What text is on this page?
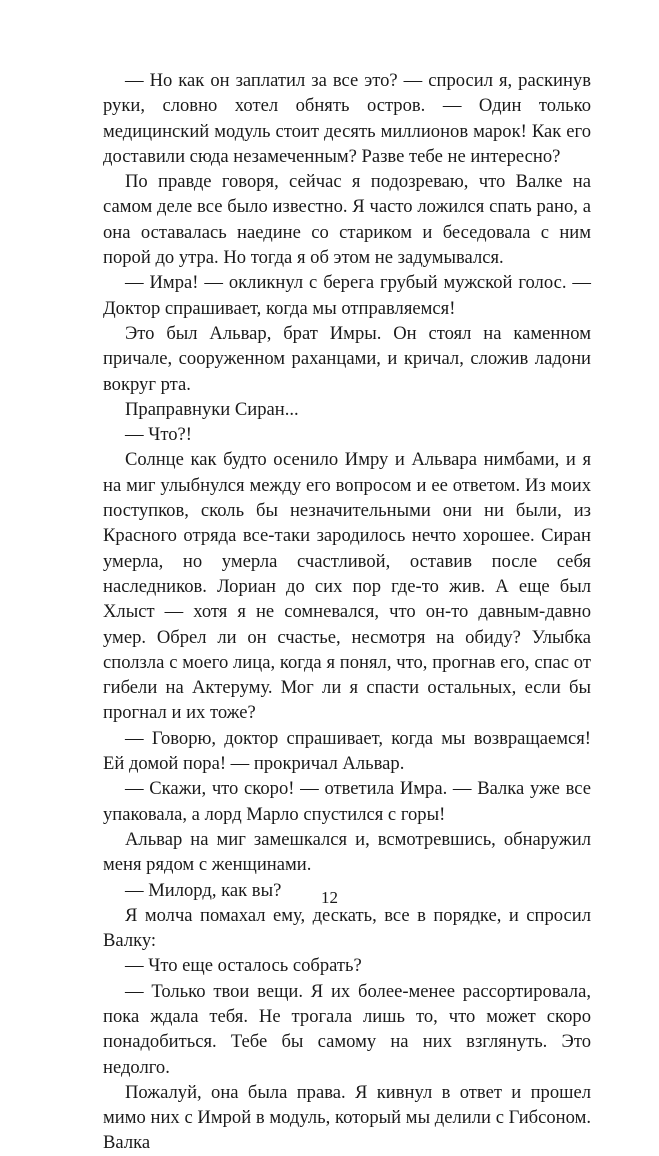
— Но как он заплатил за все это? — спросил я, раскинув руки, словно хотел обнять остров. — Один только медицинский модуль стоит десять миллионов марок! Как его доставили сюда незамеченным? Разве тебе не интересно?

По правде говоря, сейчас я подозреваю, что Валке на самом деле все было известно. Я часто ложился спать рано, а она оставалась наедине со стариком и беседовала с ним порой до утра. Но тогда я об этом не задумывался.

— Имра! — окликнул с берега грубый мужской голос. — Доктор спрашивает, когда мы отправляемся!

Это был Альвар, брат Имры. Он стоял на каменном причале, сооруженном раханцами, и кричал, сложив ладони вокруг рта.

Праправнуки Сиран...

— Что?!

Солнце как будто осенило Имру и Альвара нимбами, и я на миг улыбнулся между его вопросом и ее ответом. Из моих поступков, сколь бы незначительными они ни были, из Красного отряда все-таки зародилось нечто хорошее. Сиран умерла, но умерла счастливой, оставив после себя наследников. Лориан до сих пор где-то жив. А еще был Хлыст — хотя я не сомневался, что он-то давным-давно умер. Обрел ли он счастье, несмотря на обиду? Улыбка сползла с моего лица, когда я понял, что, прогнав его, спас от гибели на Актеруму. Мог ли я спасти остальных, если бы прогнал и их тоже?

— Говорю, доктор спрашивает, когда мы возвращаемся! Ей домой пора! — прокричал Альвар.

— Скажи, что скоро! — ответила Имра. — Валка уже все упаковала, а лорд Марло спустился с горы!

Альвар на миг замешкался и, всмотревшись, обнаружил меня рядом с женщинами.

— Милорд, как вы?

Я молча помахал ему, дескать, все в порядке, и спросил Валку:

— Что еще осталось собрать?

— Только твои вещи. Я их более-менее рассортировала, пока ждала тебя. Не трогала лишь то, что может скоро понадобиться. Тебе бы самому на них взглянуть. Это недолго.

Пожалуй, она была права. Я кивнул в ответ и прошел мимо них с Имрой в модуль, который мы делили с Гибсоном. Валка

12
